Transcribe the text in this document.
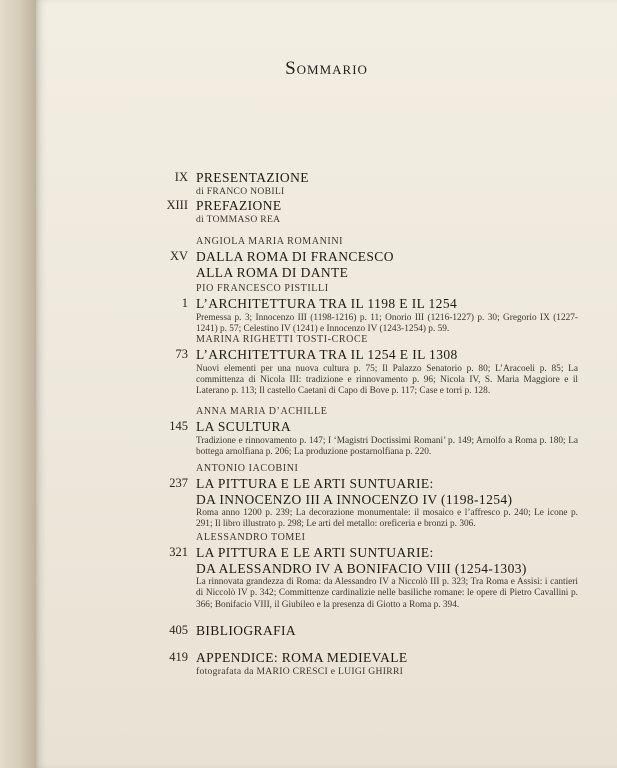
Sommario
IX PRESENTAZIONE
di FRANCO NOBILI
XIII PREFAZIONE
di TOMMASO REA
XV
ANGIOLA MARIA ROMANINI
DALLA ROMA DI FRANCESCO
ALLA ROMA DI DANTE
1
PIO FRANCESCO PISTILLI
L’ARCHITETTURA TRA IL 1198 E IL 1254
Premessa p. 3; Innocenzo III (1198-1216) p. 11; Onorio III (1216-1227) p. 30; Gregorio IX (1227-1241) p. 57; Celestino IV (1241) e Innocenzo IV (1243-1254) p. 59.
73
MARINA RIGHETTI TOSTI-CROCE
L’ARCHITETTURA TRA IL 1254 E IL 1308
Nuovi elementi per una nuova cultura p. 75; Il Palazzo Senatorio p. 80; L’Aracoeli p. 85; La committenza di Nicola III: tradizione e rinnovamento p. 96; Nicola IV, S. Maria Maggiore e il Laterano p. 113; Il castello Caetani di Capo di Bove p. 117; Case e torri p. 128.
145
ANNA MARIA D’ACHILLE
LA SCULTURA
Tradizione e rinnovamento p. 147; I ‘Magistri Doctissimi Romani’ p. 149; Arnolfo a Roma p. 180; La bottega arnolfiana p. 206; La produzione postarnolfiana p. 220.
237
ANTONIO IACOBINI
LA PITTURA E LE ARTI SUNTUARIE:
DA INNOCENZO III A INNOCENZO IV (1198-1254)
Roma anno 1200 p. 239; La decorazione monumentale: il mosaico e l’affresco p. 240; Le icone p. 291; Il libro illustrato p. 298; Le arti del metallo: oreficeria e bronzi p. 306.
321
ALESSANDRO TOMEI
LA PITTURA E LE ARTI SUNTUARIE:
DA ALESSANDRO IV A BONIFACIO VIII (1254-1303)
La rinnovata grandezza di Roma: da Alessandro IV a Niccolò III p. 323; Tra Roma e Assisi: i cantieri di Niccolò IV p. 342; Committenze cardinalizie nelle basiliche romane: le opere di Pietro Cavallini p. 366; Bonifacio VIII, il Giubileo e la presenza di Giotto a Roma p. 394.
405 BIBLIOGRAFIA
419 APPENDICE: ROMA MEDIEVALE
fotografata da MARIO CRESCI e LUIGI GHIRRI
